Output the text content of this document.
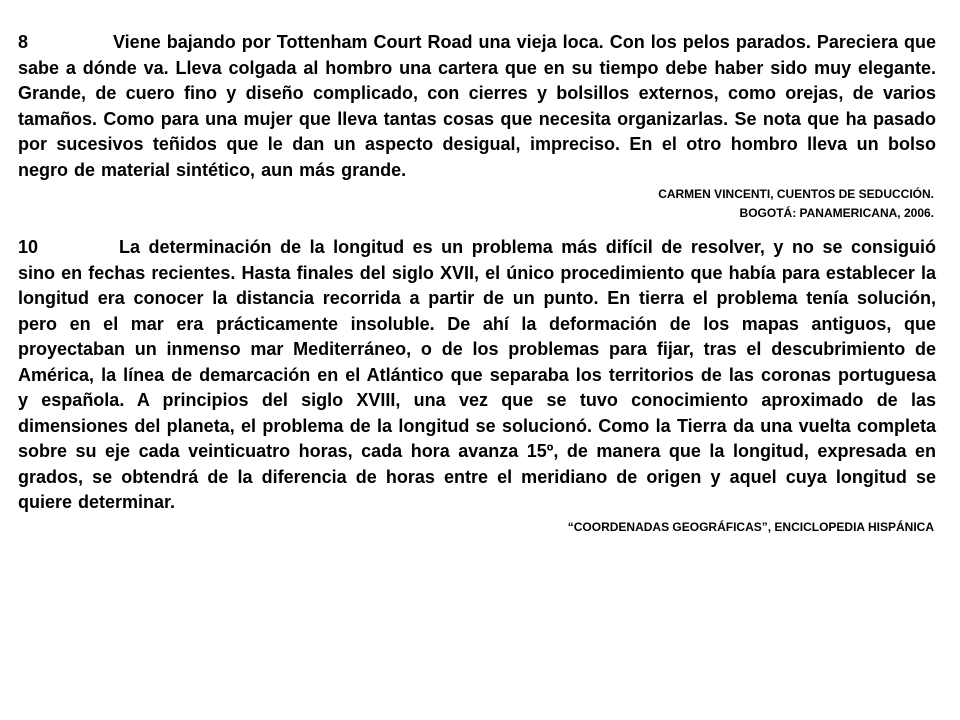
8	Viene bajando por Tottenham Court Road una vieja loca. Con los pelos parados. Pareciera que sabe a dónde va. Lleva colgada al hombro una cartera que en su tiempo debe haber sido muy elegante. Grande, de cuero fino y diseño complicado, con cierres y bolsillos externos, como orejas, de varios tamaños. Como para una mujer que lleva tantas cosas que necesita organizarlas. Se nota que ha pasado por sucesivos teñidos que le dan un aspecto desigual, impreciso. En el otro hombro lleva un bolso negro de material sintético, aun más grande.

CARMEN VINCENTI, CUENTOS DE SEDUCCIÓN.
BOGOTÁ: PANAMERICANA, 2006.

10	La determinación de la longitud es un problema más difícil de resolver, y no se consiguió sino en fechas recientes. Hasta finales del siglo XVII, el único procedimiento que había para establecer la longitud era conocer la distancia recorrida a partir de un punto. En tierra el problema tenía solución, pero en el mar era prácticamente insoluble. De ahí la deformación de los mapas antiguos, que proyectaban un inmenso mar Mediterráneo, o de los problemas para fijar, tras el descubrimiento de América, la línea de demarcación en el Atlántico que separaba los territorios de las coronas portuguesa y española. A principios del siglo XVIII, una vez que se tuvo conocimiento aproximado de las dimensiones del planeta, el problema de la longitud se solucionó. Como la Tierra da una vuelta completa sobre su eje cada veinticuatro horas, cada hora avanza 15º, de manera que la longitud, expresada en grados, se obtendrá de la diferencia de horas entre el meridiano de origen y aquel cuya longitud se quiere determinar.

“COORDENADAS GEOGRÁFICAS”, ENCICLOPEDIA HISPÁNICA
